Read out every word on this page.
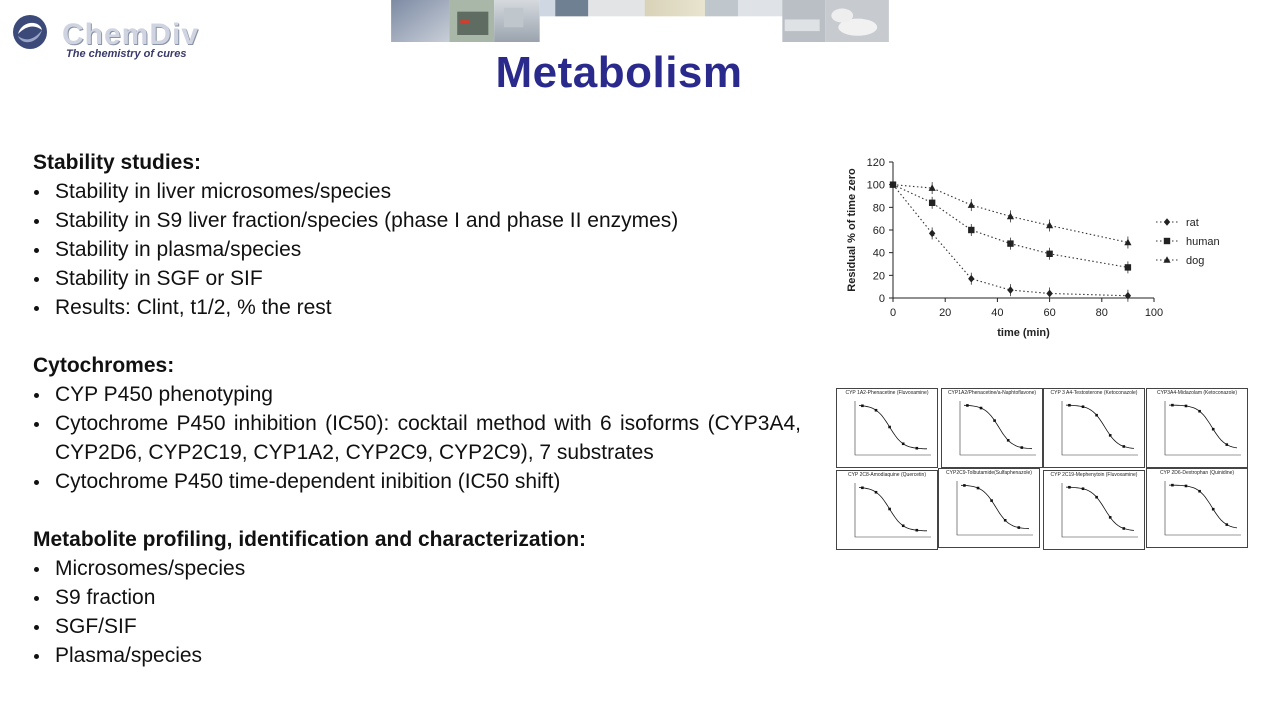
Metabolism
ChemDiv
The chemistry of cures
Stability studies:
Stability in liver microsomes/species
Stability in S9 liver fraction/species (phase I and phase II enzymes)
Stability in plasma/species
Stability in SGF or SIF
Results: Clint, t1/2, % the rest
Cytochromes:
CYP P450 phenotyping
Cytochrome P450 inhibition (IC50): cocktail method with 6 isoforms (CYP3A4, CYP2D6, CYP2C19, CYP1A2, CYP2C9, CYP2C9), 7 substrates
Cytochrome P450 time-dependent inibition (IC50 shift)
Metabolite profiling, identification and characterization:
Microsomes/species
S9 fraction
SGF/SIF
Plasma/species
0
20
40
60
80
100
120
0	20	40	60	80	100
time (min)
Residual % of time zero	rat
human
dog
CYP 1A2-Phenacetine (Fluvoxamine)	CYP1A2/Phenacetine/a-Naphtoflavone)	CYP 3 A4-Testosterone (Ketoconazole)	CYP3A4-Midazolam (Ketoconazole)
CYP 2C8-Amodiaquine (Quercetin)	CYP2C9-Tolbutamide(Sulfaphenazole)	CYP 2C19-Mephenytoin (Fluvoxamine)	CYP 2D6-Dextrophan (Quinidine)
